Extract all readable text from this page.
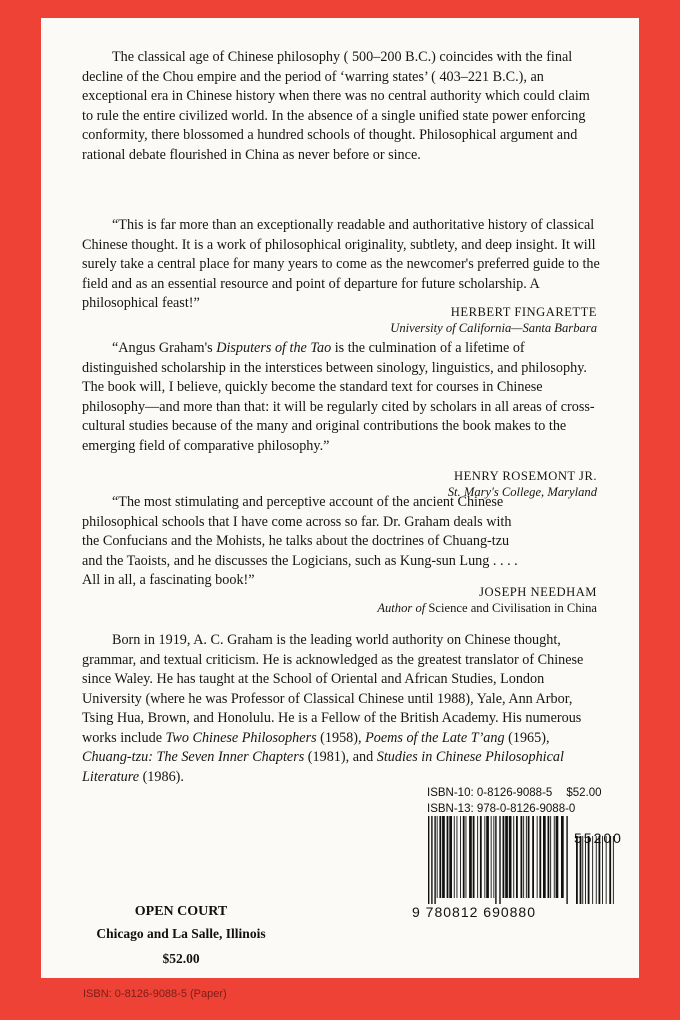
The classical age of Chinese philosophy ( 500–200 B.C.) coincides with the final decline of the Chou empire and the period of ‘warring states’ ( 403–221 B.C.), an exceptional era in Chinese history when there was no central authority which could claim to rule the entire civilized world. In the absence of a single unified state power enforcing conformity, there blossomed a hundred schools of thought. Philosophical argument and rational debate flourished in China as never before or since.

“This is far more than an exceptionally readable and authoritative history of classical Chinese thought. It is a work of philosophical originality, subtlety, and deep insight. It will surely take a central place for many years to come as the newcomer's preferred guide to the field and as an essential resource and point of departure for future scholarship. A philosophical feast!”

HERBERT FINGARETTE
University of California—Santa Barbara

“Angus Graham's Disputers of the Tao is the culmination of a lifetime of distinguished scholarship in the interstices between sinology, linguistics, and philosophy. The book will, I believe, quickly become the standard text for courses in Chinese philosophy—and more than that: it will be regularly cited by scholars in all areas of cross-cultural studies because of the many and original contributions the book makes to the emerging field of comparative philosophy.”

HENRY ROSEMONT JR.
St. Mary's College, Maryland

“The most stimulating and perceptive account of the ancient Chinese philosophical schools that I have come across so far. Dr. Graham deals with the Confucians and the Mohists, he talks about the doctrines of Chuang-tzu and the Taoists, and he discusses the Logicians, such as Kung-sun Lung . . . . All in all, a fascinating book!”

JOSEPH NEEDHAM
Author of Science and Civilisation in China

Born in 1919, A. C. Graham is the leading world authority on Chinese thought, grammar, and textual criticism. He is acknowledged as the greatest translator of Chinese since Waley. He has taught at the School of Oriental and African Studies, London University (where he was Professor of Classical Chinese until 1988), Yale, Ann Arbor, Tsing Hua, Brown, and Honolulu. He is a Fellow of the British Academy. His numerous works include Two Chinese Philosophers (1958), Poems of the Late T’ang (1965), Chuang-tzu: The Seven Inner Chapters (1981), and Studies in Chinese Philosophical Literature (1986).

ISBN-10: 0-8126-9088-5 $52.00
ISBN-13: 978-0-8126-9088-0
9 780812 690880
55200
OPEN COURT
Chicago and La Salle, Illinois
$52.00
ISBN: 0-8126-9088-5 (Paper)
